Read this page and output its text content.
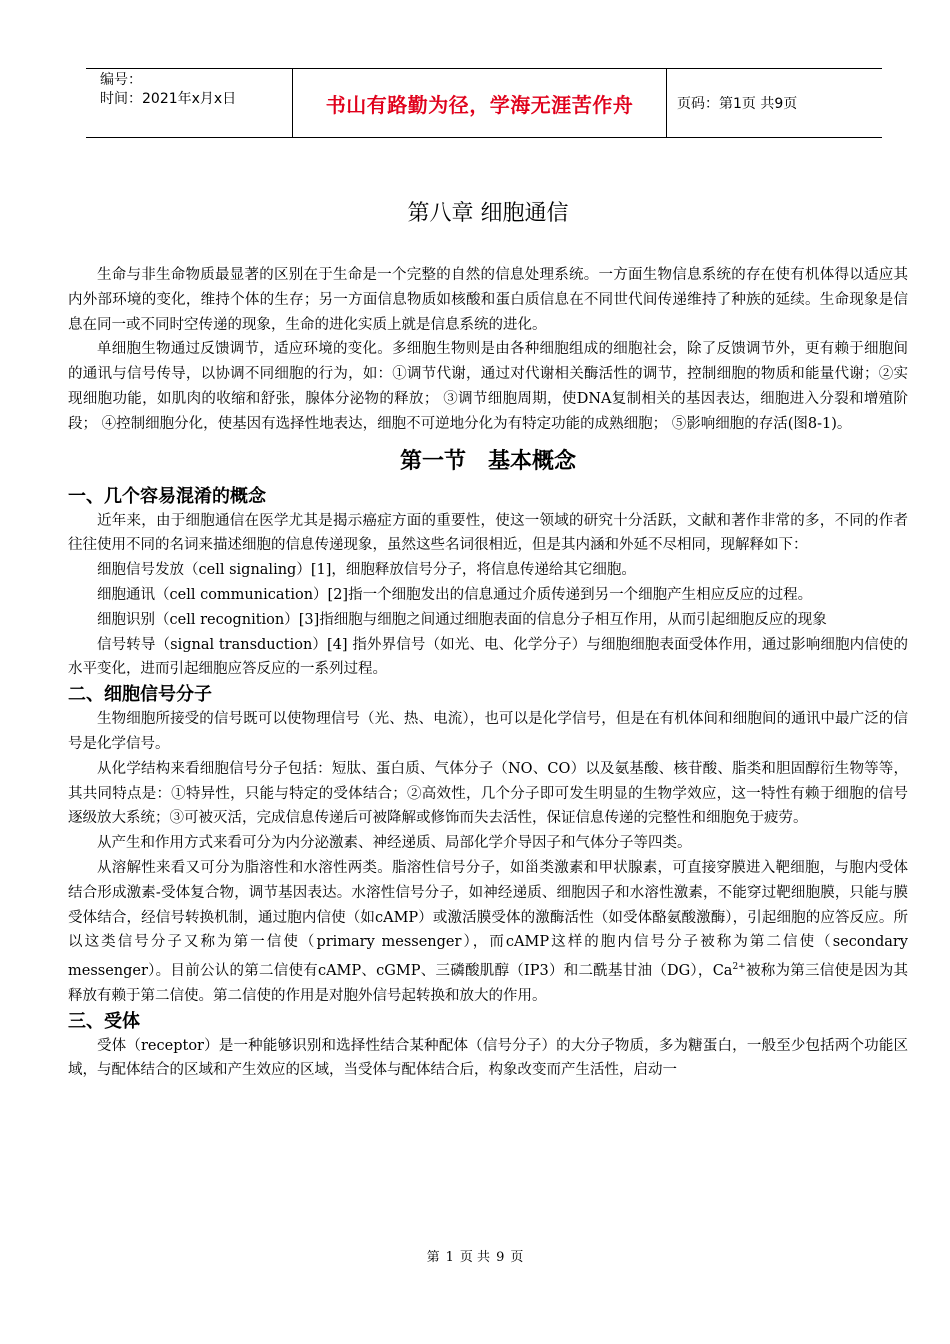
编号：
时间：2021年x月x日	书山有路勤为径，学海无涯苦作舟	页码：第1页 共9页
第八章 细胞通信

生命与非生命物质最显著的区别在于生命是一个完整的自然的信息处理系统。一方面生物信息系统的存在使有机体得以适应其内外部环境的变化，维持个体的生存；另一方面信息物质如核酸和蛋白质信息在不同世代间传递维持了种族的延续。生命现象是信息在同一或不同时空传递的现象，生命的进化实质上就是信息系统的进化。

单细胞生物通过反馈调节，适应环境的变化。多细胞生物则是由各种细胞组成的细胞社会，除了反馈调节外，更有赖于细胞间的通讯与信号传导，以协调不同细胞的行为，如：①调节代谢，通过对代谢相关酶活性的调节，控制细胞的物质和能量代谢；②实现细胞功能，如肌肉的收缩和舒张，腺体分泌物的释放； ③调节细胞周期，使DNA复制相关的基因表达，细胞进入分裂和增殖阶段； ④控制细胞分化，使基因有选择性地表达，细胞不可逆地分化为有特定功能的成熟细胞； ⑤影响细胞的存活(图8-1)。

第一节　基本概念
一、几个容易混淆的概念

近年来，由于细胞通信在医学尤其是揭示癌症方面的重要性，使这一领域的研究十分活跃，文献和著作非常的多，不同的作者往往使用不同的名词来描述细胞的信息传递现象，虽然这些名词很相近，但是其内涵和外延不尽相同，现解释如下：

细胞信号发放（cell signaling）[1]，细胞释放信号分子，将信息传递给其它细胞。

细胞通讯（cell communication）[2]指一个细胞发出的信息通过介质传递到另一个细胞产生相应反应的过程。

细胞识别（cell recognition）[3]指细胞与细胞之间通过细胞表面的信息分子相互作用，从而引起细胞反应的现象

信号转导（signal transduction）[4] 指外界信号（如光、电、化学分子）与细胞细胞表面受体作用，通过影响细胞内信使的水平变化，进而引起细胞应答反应的一系列过程。

二、细胞信号分子

生物细胞所接受的信号既可以使物理信号（光、热、电流），也可以是化学信号，但是在有机体间和细胞间的通讯中最广泛的信号是化学信号。

从化学结构来看细胞信号分子包括：短肽、蛋白质、气体分子（NO、CO）以及氨基酸、核苷酸、脂类和胆固醇衍生物等等，其共同特点是：①特异性，只能与特定的受体结合；②高效性，几个分子即可发生明显的生物学效应，这一特性有赖于细胞的信号逐级放大系统；③可被灭活，完成信息传递后可被降解或修饰而失去活性，保证信息传递的完整性和细胞免于疲劳。

从产生和作用方式来看可分为内分泌激素、神经递质、局部化学介导因子和气体分子等四类。

从溶解性来看又可分为脂溶性和水溶性两类。脂溶性信号分子，如甾类激素和甲状腺素，可直接穿膜进入靶细胞，与胞内受体结合形成激素-受体复合物，调节基因表达。水溶性信号分子，如神经递质、细胞因子和水溶性激素，不能穿过靶细胞膜，只能与膜受体结合，经信号转换机制，通过胞内信使（如cAMP）或激活膜受体的激酶活性（如受体酪氨酸激酶），引起细胞的应答反应。所以这类信号分子又称为第一信使（primary messenger），而cAMP这样的胞内信号分子被称为第二信使（secondary messenger）。目前公认的第二信使有cAMP、cGMP、三磷酸肌醇（IP3）和二酰基甘油（DG），$Ca^{2+}$被称为第三信使是因为其释放有赖于第二信使。第二信使的作用是对胞外信号起转换和放大的作用。

三、受体

受体（receptor）是一种能够识别和选择性结合某种配体（信号分子）的大分子物质，多为糖蛋白，一般至少包括两个功能区域，与配体结合的区域和产生效应的区域，当受体与配体结合后，构象改变而产生活性，启动一

第 1 页 共 9 页
